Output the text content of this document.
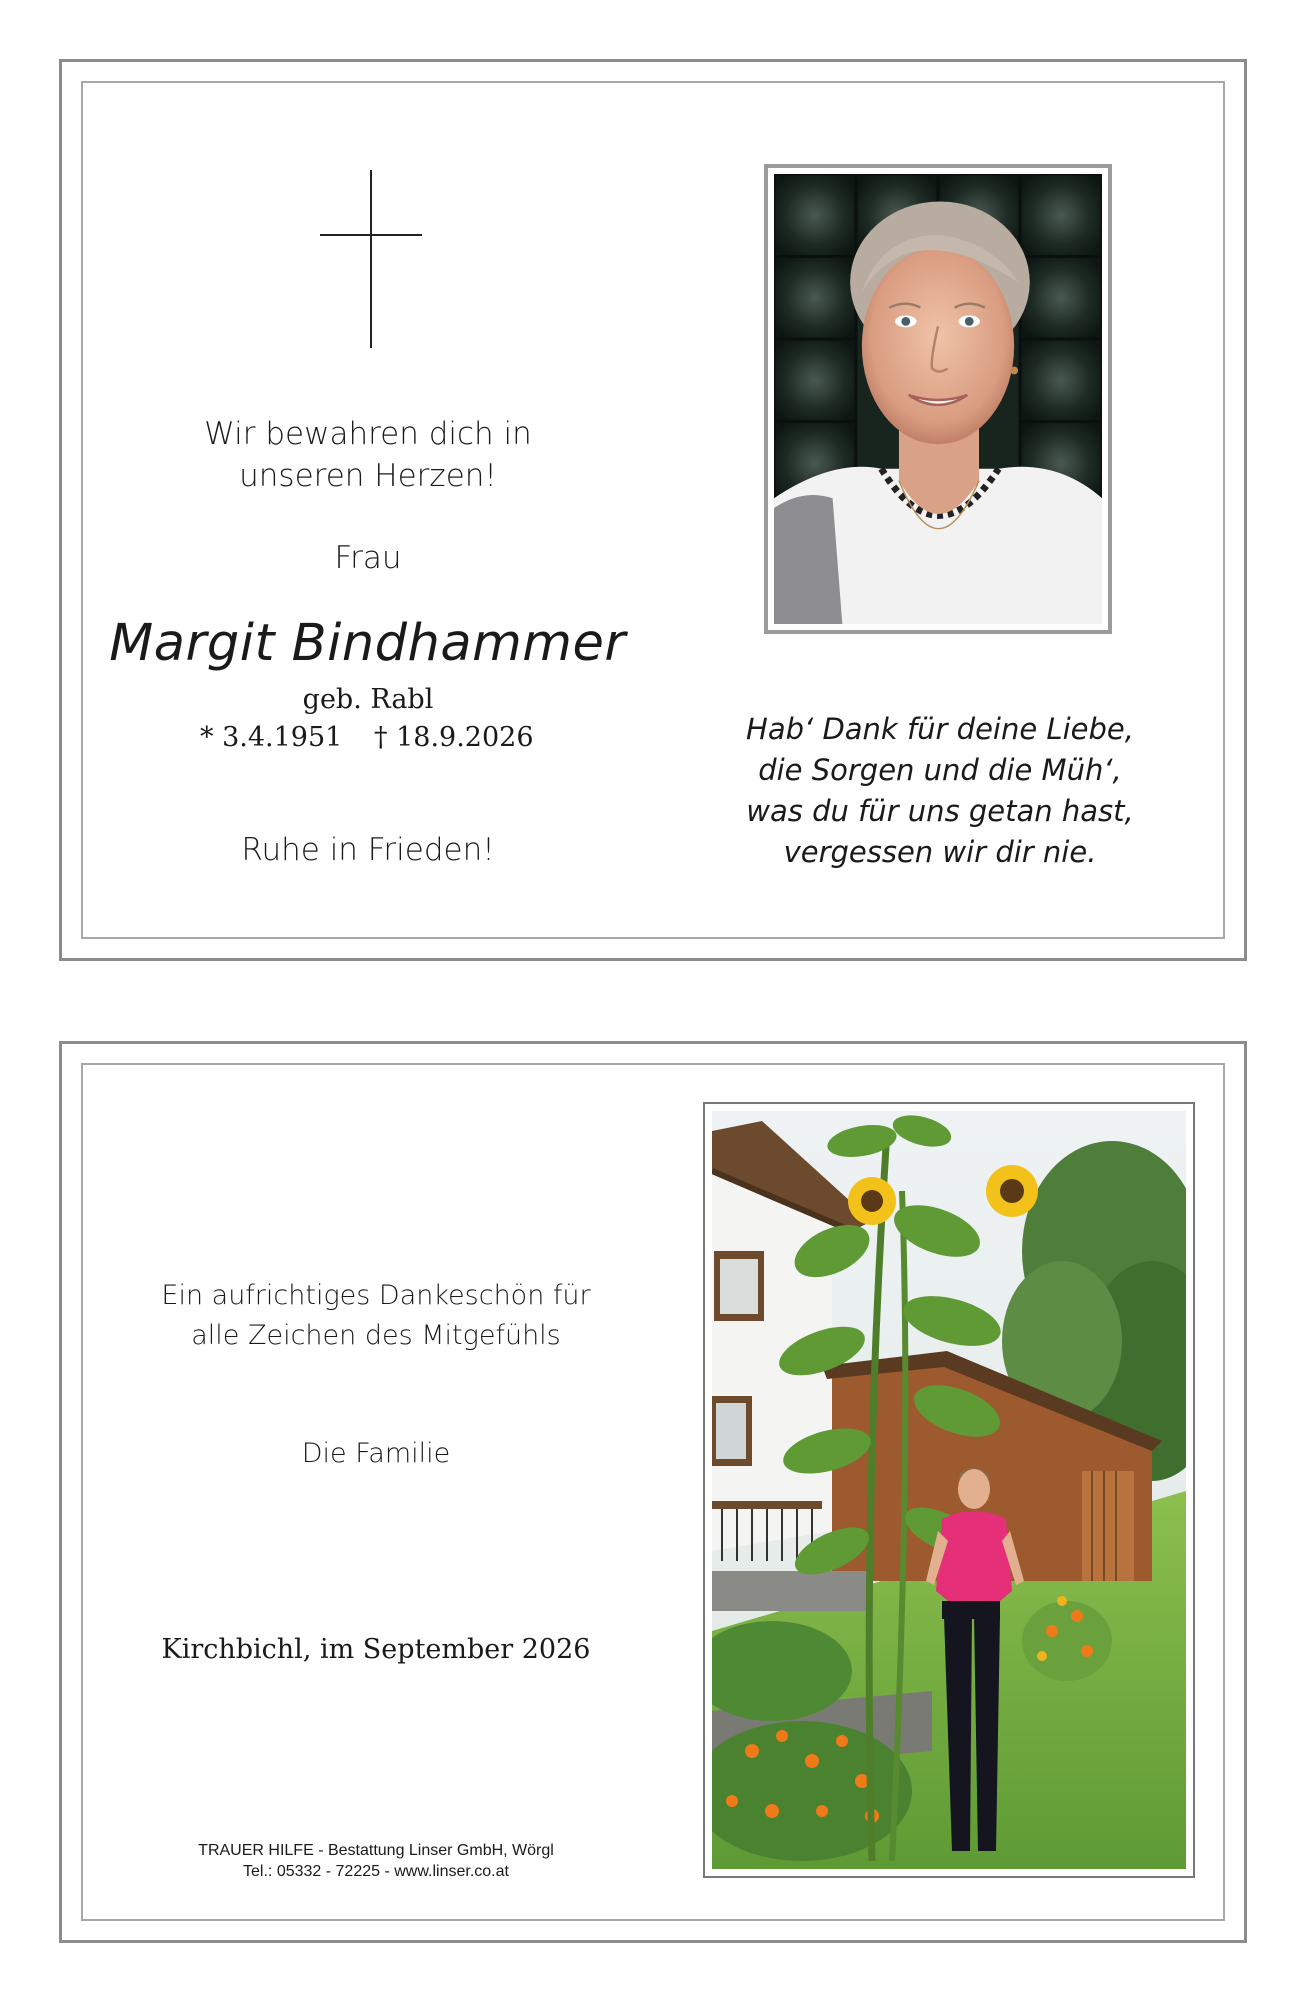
Wir bewahren dich in
unseren Herzen!
Frau
Margit Bindhammer
geb. Rabl
* 3.4.1951	† 18.9.2026
Ruhe in Frieden!
Hab‘ Dank für deine Liebe,
die Sorgen und die Müh‘,
was du für uns getan hast,
vergessen wir dir nie.
Ein aufrichtiges Dankeschön für
alle Zeichen des Mitgefühls
Die Familie
Kirchbichl, im September 2026
TRAUER HILFE - Bestattung Linser GmbH, Wörgl
Tel.: 05332 - 72225 - www.linser.co.at
